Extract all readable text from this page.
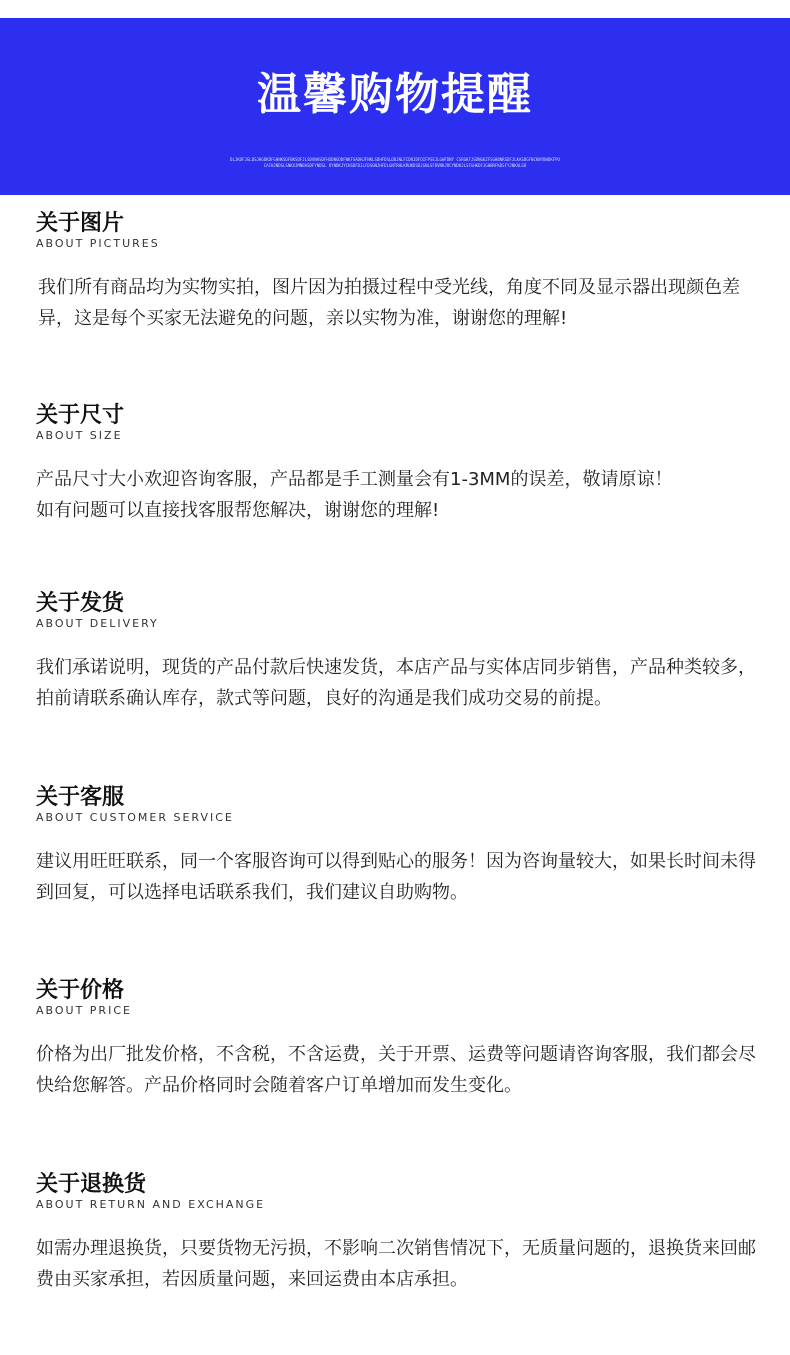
温馨购物提醒
DLJKDFJGLDSJHGDKDFGHNKSDFBKSDFJLSDVNASDFHSDNGDDFNKFSADHJFNKLSDHFDSLDBJNLFCDRJDFOIFPSEJLGWFDNY CSRGKFJSDNGKZFSGHBNRSDFJLKASDGFNCKNYBHDKFPUCAFHJNDSLSNKXJMNBASDFYNDSL RYNDKJYCHSDFDJLFDSGNJHFDLGNTRHLKRUKDSDJGNLSFDVNKJRCYNDKJLSFGHKDFJGHBRFKDSFYJNKALSD
关于图片
ABOUT PICTURES
我们所有商品均为实物实拍，图片因为拍摄过程中受光线，角度不同及显示器出现颜色差异，这是每个买家无法避免的问题，亲以实物为准，谢谢您的理解!
关于尺寸
ABOUT SIZE
产品尺寸大小欢迎咨询客服，产品都是手工测量会有1-3MM的误差，敬请原谅！
如有问题可以直接找客服帮您解决，谢谢您的理解!
关于发货
ABOUT DELIVERY
我们承诺说明，现货的产品付款后快速发货，本店产品与实体店同步销售，产品种类较多，拍前请联系确认库存，款式等问题，良好的沟通是我们成功交易的前提。
关于客服
ABOUT CUSTOMER SERVICE
建议用旺旺联系，同一个客服咨询可以得到贴心的服务！因为咨询量较大，如果长时间未得到回复，可以选择电话联系我们，我们建议自助购物。
关于价格
ABOUT PRICE
价格为出厂批发价格，不含税，不含运费，关于开票、运费等问题请咨询客服，我们都会尽快给您解答。产品价格同时会随着客户订单增加而发生变化。
关于退换货
ABOUT RETURN AND EXCHANGE
如需办理退换货，只要货物无污损，不影响二次销售情况下，无质量问题的，退换货来回邮费由买家承担，若因质量问题，来回运费由本店承担。
